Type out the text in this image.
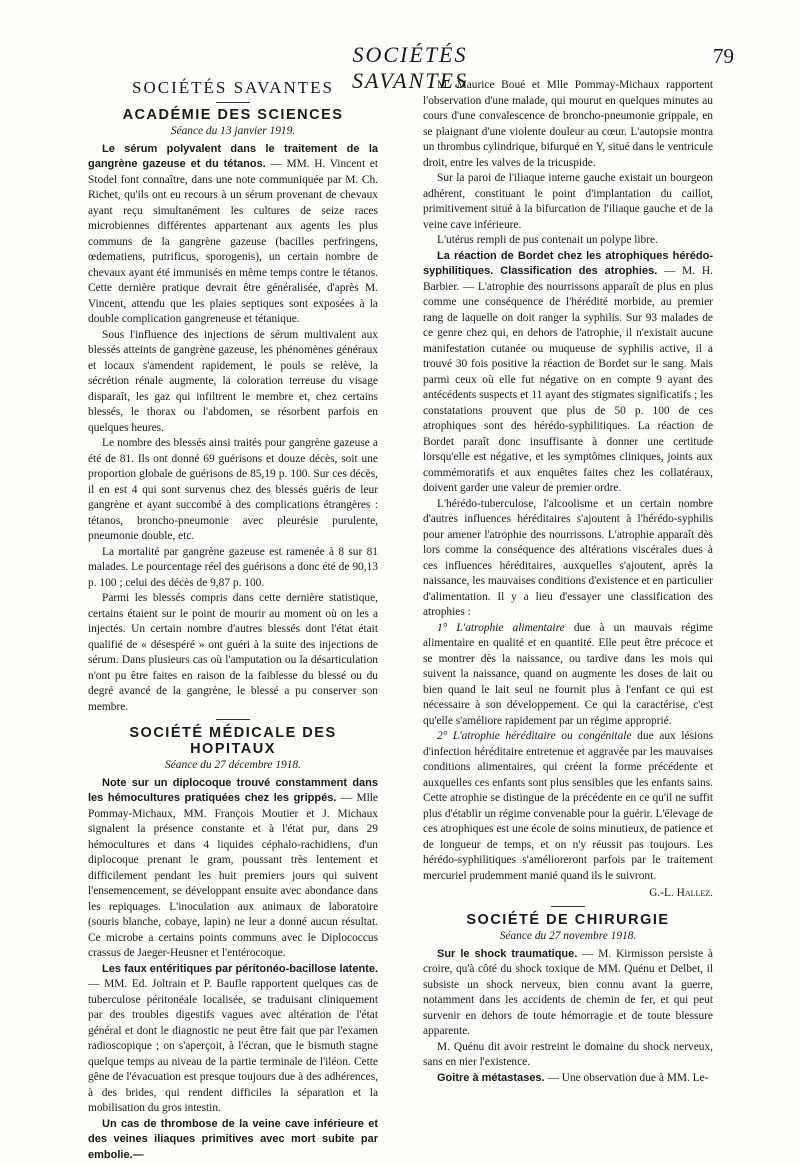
SOCIÉTÉS SAVANTES
79
SOCIÉTÉS SAVANTES
ACADÉMIE DES SCIENCES
Séance du 13 janvier 1919.

Le sérum polyvalent dans le traitement de la gangrène gazeuse et du tétanos. — MM. H. Vincent et Stodel font connaître, dans une note communiquée par M. Ch. Richet, qu'ils ont eu recours à un sérum provenant de chevaux ayant reçu simultanément les cultures de seize races microbiennes différentes appartenant aux agents les plus communs de la gangrène gazeuse (bacilles perfringens, œdematiens, putrificus, sporogenis), un certain nombre de chevaux ayant été immunisés en même temps contre le tétanos. Cette dernière pratique devrait être généralisée, d'après M. Vincent, attendu que les plaies septiques sont exposées à la double complication gangreneuse et tétanique.

Sous l'influence des injections de sérum multivalent aux blessés atteints de gangrène gazeuse, les phénomènes généraux et locaux s'amendent rapidement, le pouls se relève, la sécrétion rénale augmente, la coloration terreuse du visage disparaît, les gaz qui infiltrent le membre et, chez certains blessés, le thorax ou l'abdomen, se résorbent parfois en quelques heures.

Le nombre des blessés ainsi traités pour gangrène gazeuse a été de 81. Ils ont donné 69 guérisons et douze décès, soit une proportion globale de guérisons de 85,19 p. 100. Sur ces décès, il en est 4 qui sont survenus chez des blessés guéris de leur gangrène et ayant succombé à des complications étrangères : tétanos, broncho-pneumonie avec pleurésie purulente, pneumonie double, etc.

La mortalité par gangrène gazeuse est ramenée à 8 sur 81 malades. Le pourcentage réel des guérisons a donc été de 90,13 p. 100 ; celui des décès de 9,87 p. 100.

Parmi les blessés compris dans cette dernière statistique, certains étaient sur le point de mourir au moment où on les a injectés. Un certain nombre d'autres blessés dont l'état était qualifié de « désespéré » ont guéri à la suite des injections de sérum. Dans plusieurs cas où l'amputation ou la désarticulation n'ont pu être faites en raison de la faiblesse du blessé ou du degré avancé de la gangrène, le blessé a pu conserver son membre.

SOCIÉTÉ MÉDICALE DES HOPITAUX
Séance du 27 décembre 1918.

Note sur un diplocoque trouvé constamment dans les hémocultures pratiquées chez les grippés. — Mlle Pommay-Michaux, MM. François Moutier et J. Michaux signalent la présence constante et à l'état pur, dans 29 hémocultures et dans 4 liquides céphalo-rachidiens, d'un diplocoque prenant le gram, poussant très lentement et difficilement pendant les huit premiers jours qui suivent l'ensemencement, se développant ensuite avec abondance dans les repiquages. L'inoculation aux animaux de laboratoire (souris blanche, cobaye, lapin) ne leur a donné aucun résultat. Ce microbe a certains points communs avec le Diplococcus crassus de Jaeger-Heusner et l'entérocoque.

Les faux entéritiques par péritonéo-bacillose latente. — MM. Ed. Joltrain et P. Baufle rapportent quelques cas de tuberculose péritonéale localisée, se traduisant cliniquement par des troubles digestifs vagues avec altération de l'état général et dont le diagnostic ne peut être fait que par l'examen radioscopique ; on s'aperçoit, à l'écran, que le bismuth stagne quelque temps au niveau de la partie terminale de l'iléon. Cette gêne de l'évacuation est presque toujours due à des adhérences, à des brides, qui rendent difficiles la séparation et la mobilisation du gros intestin.

Un cas de thrombose de la veine cave inférieure et des veines iliaques primitives avec mort subite par embolie.—

M. Maurice Boué et Mlle Pommay-Michaux rapportent l'observation d'une malade, qui mourut en quelques minutes au cours d'une convalescence de broncho-pneumonie grippale, en se plaignant d'une violente douleur au cœur. L'autopsie montra un thrombus cylindrique, bifurqué en Y, situé dans le ventricule droit, entre les valves de la tricuspide.

Sur la paroi de l'iliaque interne gauche existait un bourgeon adhérent, constituant le point d'implantation du caillot, primitivement situé à la bifurcation de l'iliaque gauche et de la veine cave inférieure.

L'utérus rempli de pus contenait un polype libre.

La réaction de Bordet chez les atrophiques hérédo-syphilitiques. Classification des atrophies. — M. H. Barbier. — L'atrophie des nourrissons apparaît de plus en plus comme une conséquence de l'hérédité morbide, au premier rang de laquelle on doit ranger la syphilis. Sur 93 malades de ce genre chez qui, en dehors de l'atrophie, il n'existait aucune manifestation cutanée ou muqueuse de syphilis active, il a trouvé 30 fois positive la réaction de Bordet sur le sang. Mais parmi ceux où elle fut négative on en compte 9 ayant des antécédents suspects et 11 ayant des stigmates significatifs ; les constatations prouvent que plus de 50 p. 100 de ces atrophiques sont des hérédo-syphilitiques. La réaction de Bordet paraît donc insuffisante à donner une certitude lorsqu'elle est négative, et les symptômes cliniques, joints aux commémoratifs et aux enquêtes faites chez les collatéraux, doivent garder une valeur de premier ordre.

L'hérédo-tuberculose, l'alcoolisme et un certain nombre d'autres influences héréditaires s'ajoutent à l'hérédo-syphilis pour amener l'atrophie des nourrissons. L'atrophie apparaît dès lors comme la conséquence des altérations viscérales dues à ces influences héréditaires, auxquelles s'ajoutent, après la naissance, les mauvaises conditions d'existence et en particulier d'alimentation. Il y a lieu d'essayer une classification des atrophies :

1° L'atrophie alimentaire due à un mauvais régime alimentaire en qualité et en quantité. Elle peut être précoce et se montrer dès la naissance, ou tardive dans les mois qui suivent la naissance, quand on augmente les doses de lait ou bien quand le lait seul ne fournit plus à l'enfant ce qui est nécessaire à son développement. Ce qui la caractérise, c'est qu'elle s'améliore rapidement par un régime approprié.

2° L'atrophie héréditaire ou congénitale due aux lésions d'infection héréditaire entretenue et aggravée par les mauvaises conditions alimentaires, qui créent la forme précédente et auxquelles ces enfants sont plus sensibles que les enfants sains. Cette atrophie se distingue de la précédente en ce qu'il ne suffit plus d'établir un régime convenable pour la guérir. L'élevage de ces atrophiques est une école de soins minutieux, de patience et de longueur de temps, et on n'y réussit pas toujours. Les hérédo-syphilitiques s'amélioreront parfois par le traitement mercuriel prudemment manié quand ils le suivront.

G.-L. Hallez.
SOCIÉTÉ DE CHIRURGIE
Séance du 27 novembre 1918.

Sur le shock traumatique. — M. Kirmisson persiste à croire, qu'à côté du shock toxique de MM. Quénu et Delbet, il subsiste un shock nerveux, bien connu avant la guerre, notamment dans les accidents de chemin de fer, et qui peut survenir en dehors de toute hémorragie et de toute blessure apparente.

M. Quénu dit avoir restreint le domaine du shock nerveux, sans en nier l'existence.

Goitre à métastases. — Une observation due à MM. Le-
